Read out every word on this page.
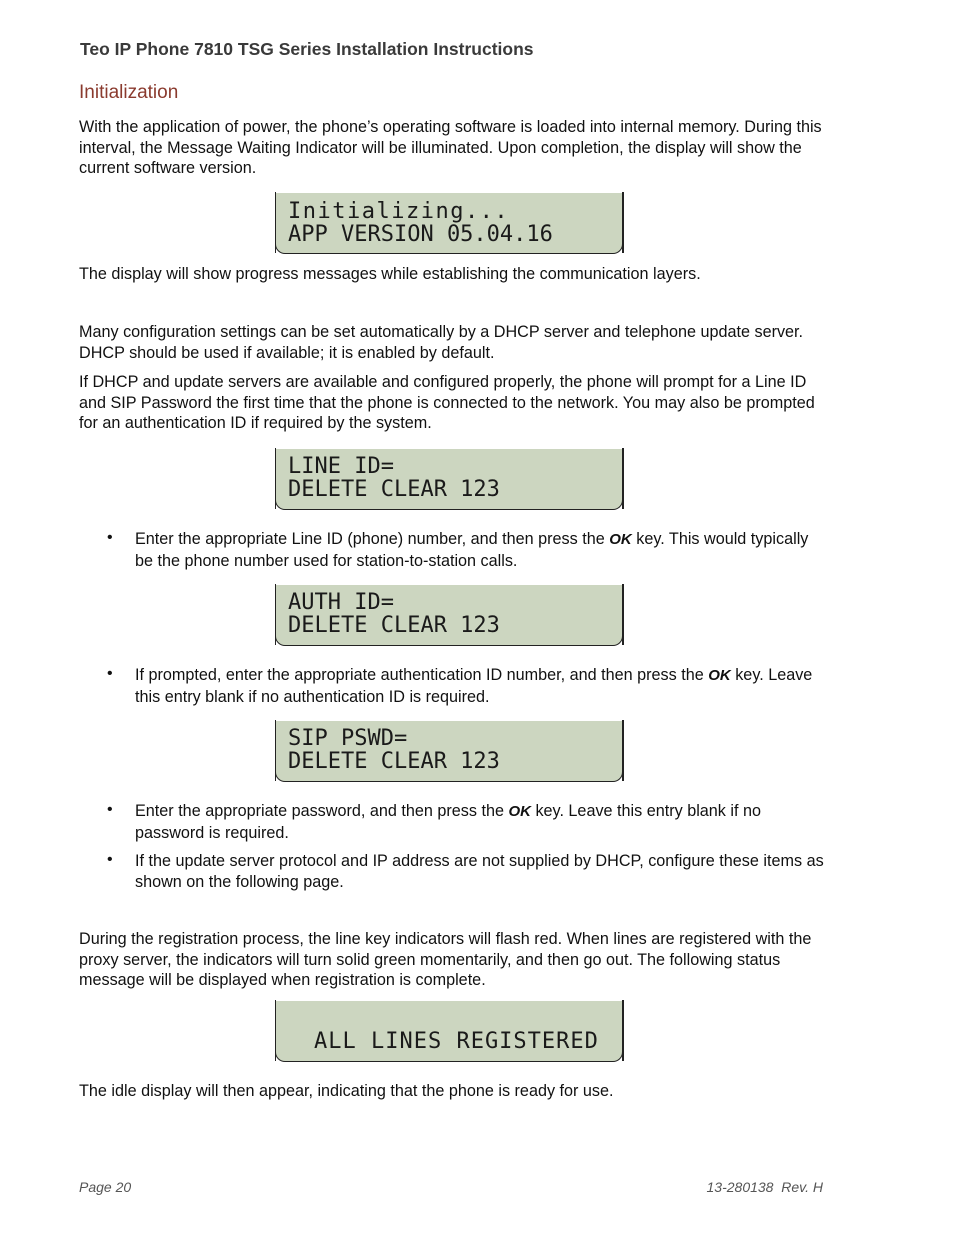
Teo IP Phone 7810 TSG Series Installation Instructions
Initialization
With the application of power, the phone’s operating software is loaded into internal memory. During this interval, the Message Waiting Indicator will be illuminated. Upon completion, the display will show the current software version.
Initializing...
APP VERSION 05.04.16
The display will show progress messages while establishing the communication layers.
Many configuration settings can be set automatically by a DHCP server and telephone update server. DHCP should be used if available; it is enabled by default.
If DHCP and update servers are available and configured properly, the phone will prompt for a Line ID and SIP Password the first time that the phone is connected to the network. You may also be prompted for an authentication ID if required by the system.
LINE ID=
DELETE CLEAR 123
• Enter the appropriate Line ID (phone) number, and then press the OK key. This would typically be the phone number used for station-to-station calls.
AUTH ID=
DELETE CLEAR 123
• If prompted, enter the appropriate authentication ID number, and then press the OK key. Leave this entry blank if no authentication ID is required.
SIP PSWD=
DELETE CLEAR 123
• Enter the appropriate password, and then press the OK key. Leave this entry blank if no password is required.
• If the update server protocol and IP address are not supplied by DHCP, configure these items as shown on the following page.
During the registration process, the line key indicators will flash red. When lines are registered with the proxy server, the indicators will turn solid green momentarily, and then go out. The following status message will be displayed when registration is complete.
ALL LINES REGISTERED
The idle display will then appear, indicating that the phone is ready for use.
Page 20	13-280138  Rev. H
